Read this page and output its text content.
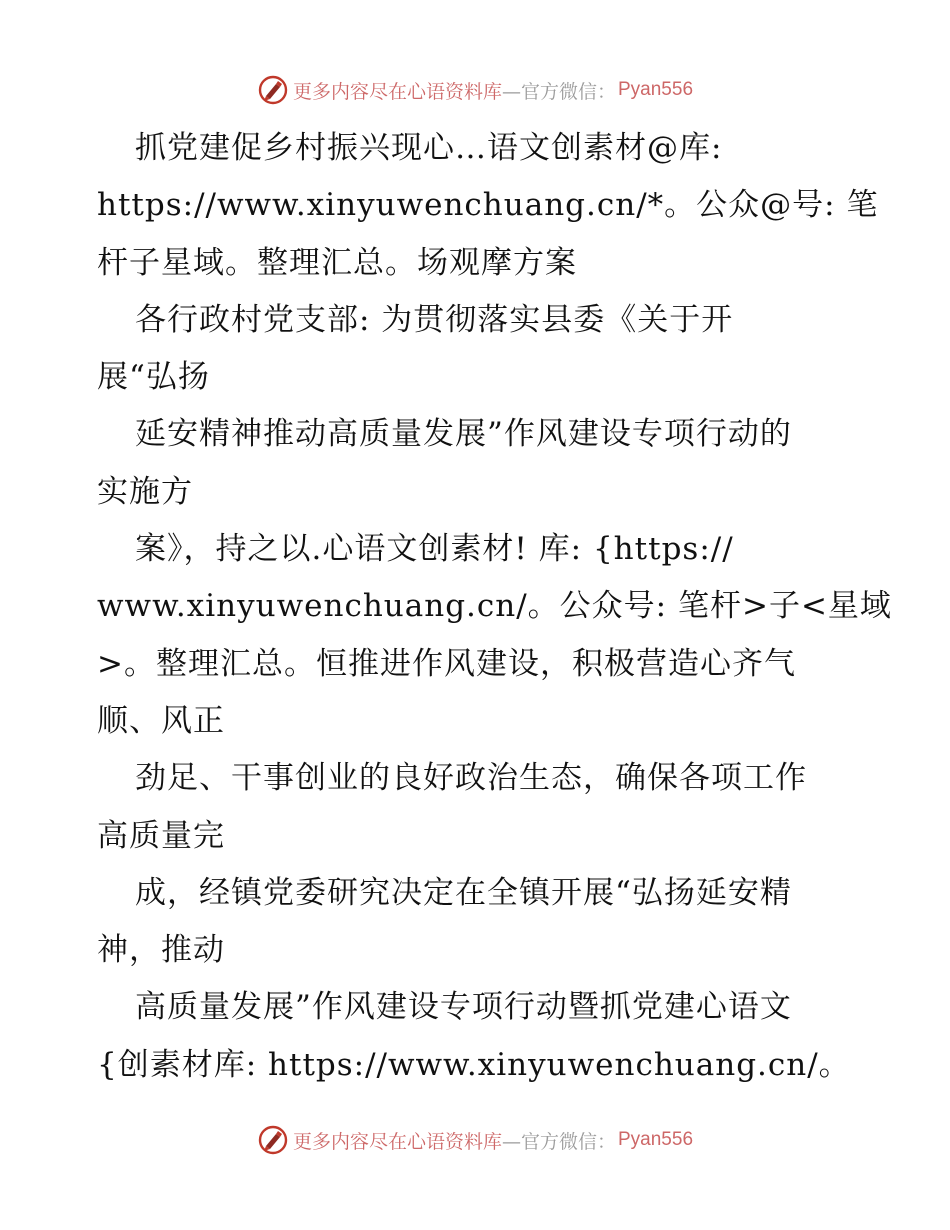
更多内容尽在心语资料库 —官方微信： Pyan556
抓党建促乡村振兴现心…语文创素材@库:
https://www.xinyuwenchuang.cn/*。公众@号: 笔
杆子星域。整理汇总。场观摩方案
各行政村党支部: 为贯彻落实县委《关于开
展“弘扬
延安精神推动高质量发展”作风建设专项行动的
实施方
案》，持之以.心语文创素材! 库: {https://
www.xinyuwenchuang.cn/。公众号: 笔杆>子<星域
>。整理汇总。恒推进作风建设，积极营造心齐气
顺、风正
劲足、干事创业的良好政治生态，确保各项工作
高质量完
成，经镇党委研究决定在全镇开展“弘扬延安精
神，推动
高质量发展”作风建设专项行动暨抓党建心语文
{创素材库: https://www.xinyuwenchuang.cn/。
更多内容尽在心语资料库 —官方微信： Pyan556
